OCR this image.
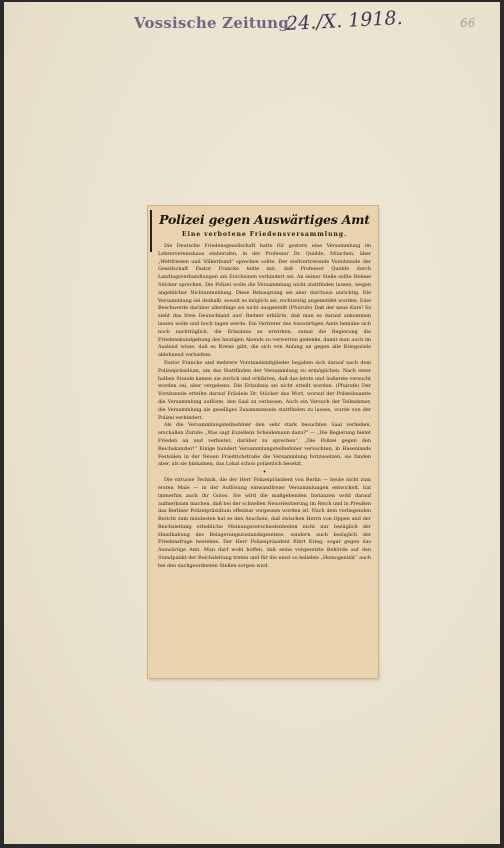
Vossische Zeitung
24./X. 1918.	66
Polizei gegen Auswärtiges Amt
Eine verbotene Friedensversammlung.

Die Deutsche Friedensgesellschaft hatte für gestern eine Versammlung im Lehrervereinshaus einberufen, in der Professor Dr. Quidde, München, über „Weltfrieden und Völkerbund“ sprechen sollte. Der stellvertretende Vorsitzende der Gesellschaft Pastor Francke teilte mit, daß Professor Quidde durch Landtagsverhandlungen am Erscheinen verhindert sei. An seiner Stelle sollte Helene Stöcker sprechen. Die Polizei wolle die Versammlung nicht stattfinden lassen, wegen angeblicher Nichtanmeldung. Diese Behauptung sei aber durchaus unrichtig. Die Versammlung sei deshalb, soweit es möglich sei, rechtzeitig angemeldet worden. Eine Beschwerde darüber allerdings sei nicht ausgestellt (Pfuirufe) Daß der neue Kurs! Es sieht das freie Deutschland aus! Redner erklärte, daß man es darauf ankommen lassen wolle und hoch tagen werde. Ein Vertreter des Auswärtigen Amts bemühe sich noch nachträglich, die Erlaubnis zu erwirken, zumal die Regierung die Friedenskundgebung des heutigen Abends zu verwerten gedenke, damit man auch im Ausland wisse, daß es Kreise gibt, die sich von Anfang an gegen alle Kriegsziele ablehnend verhielten.

Pastor Francke und mehrere Vorstandsmitglieder begaben sich darauf nach dem Polizeipräsidium, um das Stattfinden der Versammlung zu ermöglichen. Nach einer halben Stunde kamen sie zurück und erklärten, daß das letzte und äußerste versucht worden sei, aber vergebens. Die Erlaubnis sei nicht erteilt worden. (Pfuirufe) Der Vorsitzende erteilte darauf Fräulein Dr. Stöcker das Wort, worauf der Polizeibeamte die Versammlung auflöste, den Saal zu verlassen. Auch ein Versuch der Teilnehmer, die Versammlung als geselliges Zusammensein stattfinden zu lassen, wurde von der Polizei verhindert.

Als die Versammlungsteilnehmer den sehr stark besuchten Saal verließen, erschallen Zurufe: „Was sagt Exzellenz Scheidemann dazu?“ — „Die Regierung bietet Frieden an und verbietet, darüber zu sprechen“, „Die Polizei gegen den Reichskanzler!“ Einige hundert Versammlungsteilnehmer versuchten, in Hasenlands Festsälen in der Neuen Friedrichstraße die Versammlung fortzusetzen, sie fanden aber, als sie hinkamen, das Lokal schon polizeilich besetzt.

•

Die virtuose Technik, die der Herr Polizeipräsident von Berlin — heute nicht zum ersten Male — in der Auflösung einwandfreier Versammlungen entwickelt, hat immerhin auch ihr Gutes. Sie wird die maßgebenden Instanzen wohl darauf aufmerksam machen, daß bei der schnellen Neuorientierung im Reich und in Preußen das Berliner Polizeipräsidium offenbar vergessen worden ist. Nach dem vorliegenden Bericht zum mindesten hat es den Anschein, daß zwischen Herrn von Oppen und der Reichsleitung erhebliche Meinungsverschiedenheiten nicht nur bezüglich der Handhabung des Belagerungszustandsgesetzes, sondern auch bezüglich der Friedensfrage bestehen. Der Herr Polizeipräsident führt Krieg, sogar gegen das Auswärtige Amt. Man darf wohl hoffen, daß seine vorgesetzte Behörde auf den Standpunkt der Reichsleitung treten und für die einst so beliebte „Homogenität“ auch bei den nachgeordneten Stellen sorgen wird.
